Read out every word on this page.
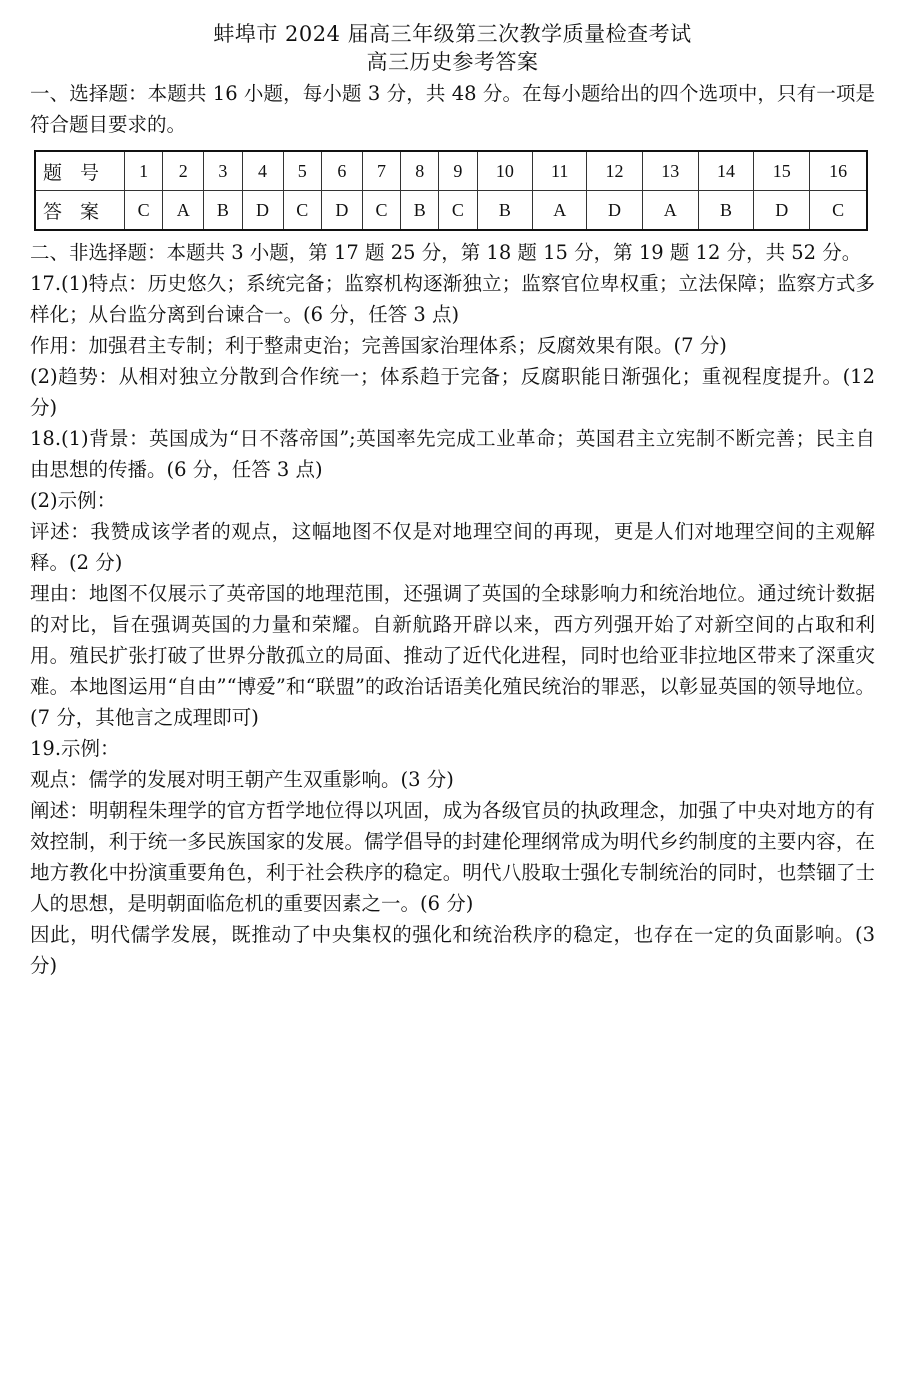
蚌埠市 2024 届高三年级第三次教学质量检查考试
高三历史参考答案

一、选择题：本题共 16 小题，每小题 3 分，共 48 分。在每小题给出的四个选项中，只有一项是符合题目要求的。

题号	1	2	3	4	5	6	7	8	9	10	11	12	13	14	15	16
答案	C	A	B	D	C	D	C	B	C	B	A	D	A	B	D	C

二、非选择题：本题共 3 小题，第 17 题 25 分，第 18 题 15 分，第 19 题 12 分，共 52 分。

17.(1)特点：历史悠久；系统完备；监察机构逐渐独立；监察官位卑权重；立法保障；监察方式多样化；从台监分离到台谏合一。(6 分，任答 3 点)

作用：加强君主专制；利于整肃吏治；完善国家治理体系；反腐效果有限。(7 分)

(2)趋势：从相对独立分散到合作统一；体系趋于完备；反腐职能日渐强化；重视程度提升。(12 分)

18.(1)背景：英国成为“日不落帝国”;英国率先完成工业革命；英国君主立宪制不断完善；民主自由思想的传播。(6 分，任答 3 点)

(2)示例：

评述：我赞成该学者的观点，这幅地图不仅是对地理空间的再现，更是人们对地理空间的主观解释。(2 分)

理由：地图不仅展示了英帝国的地理范围，还强调了英国的全球影响力和统治地位。通过统计数据的对比，旨在强调英国的力量和荣耀。自新航路开辟以来，西方列强开始了对新空间的占取和利用。殖民扩张打破了世界分散孤立的局面、推动了近代化进程，同时也给亚非拉地区带来了深重灾难。本地图运用“自由”“博爱”和“联盟”的政治话语美化殖民统治的罪恶，以彰显英国的领导地位。(7 分，其他言之成理即可)

19.示例：

观点：儒学的发展对明王朝产生双重影响。(3 分)

阐述：明朝程朱理学的官方哲学地位得以巩固，成为各级官员的执政理念，加强了中央对地方的有效控制，利于统一多民族国家的发展。儒学倡导的封建伦理纲常成为明代乡约制度的主要内容，在地方教化中扮演重要角色，利于社会秩序的稳定。明代八股取士强化专制统治的同时，也禁锢了士人的思想，是明朝面临危机的重要因素之一。(6 分)

因此，明代儒学发展，既推动了中央集权的强化和统治秩序的稳定，也存在一定的负面影响。(3 分)
